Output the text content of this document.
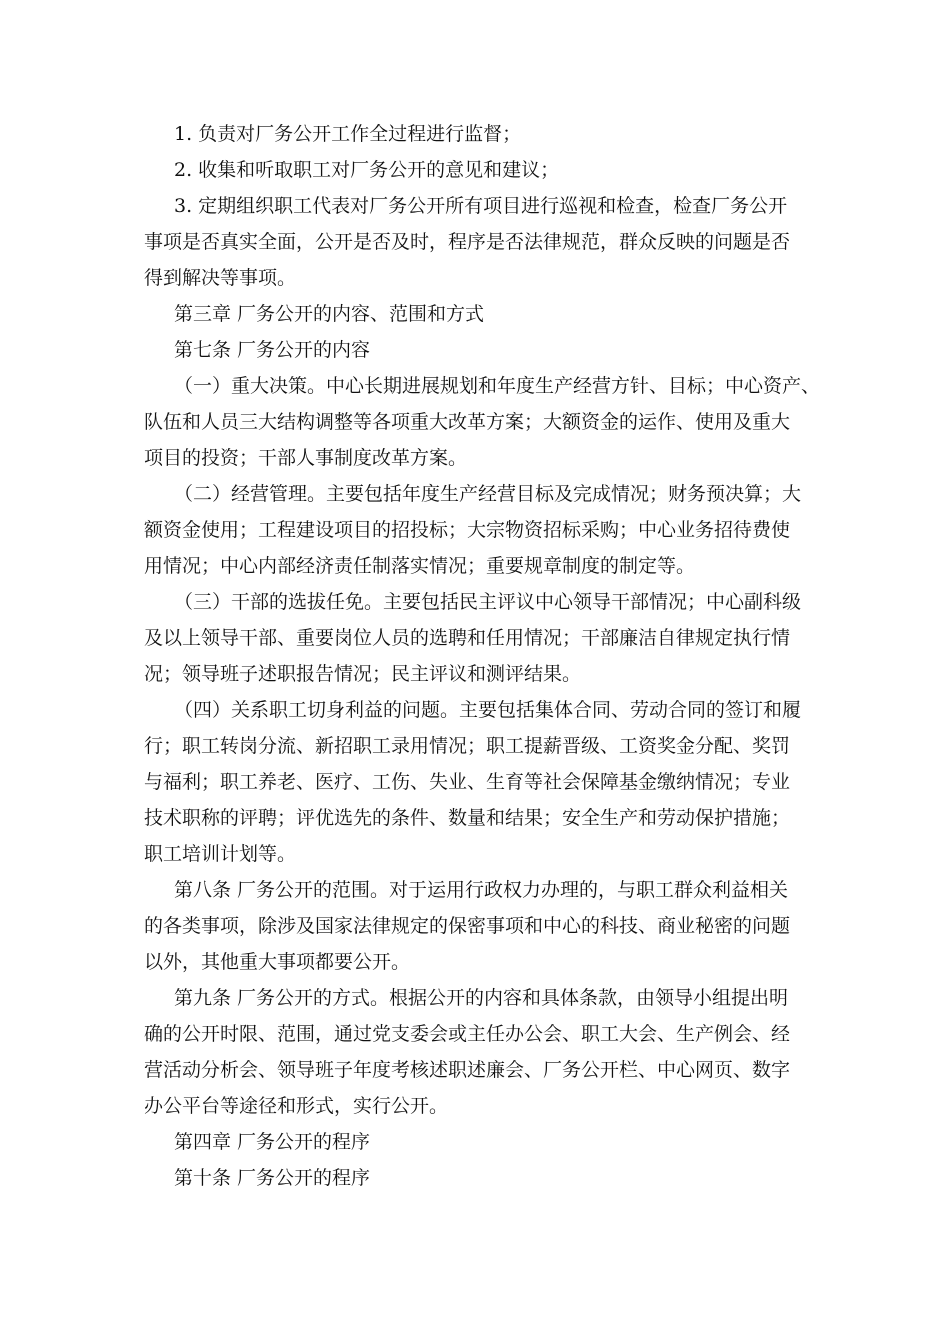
1. 负责对厂务公开工作全过程进行监督；
2. 收集和听取职工对厂务公开的意见和建议；
3. 定期组织职工代表对厂务公开所有项目进行巡视和检查，检查厂务公开
事项是否真实全面，公开是否及时，程序是否法律规范，群众反映的问题是否
得到解决等事项。
第三章 厂务公开的内容、范围和方式
第七条 厂务公开的内容
（一）重大决策。中心长期进展规划和年度生产经营方针、目标；中心资产、
队伍和人员三大结构调整等各项重大改革方案；大额资金的运作、使用及重大
项目的投资；干部人事制度改革方案。
（二）经营管理。主要包括年度生产经营目标及完成情况；财务预决算；大
额资金使用；工程建设项目的招投标；大宗物资招标采购；中心业务招待费使
用情况；中心内部经济责任制落实情况；重要规章制度的制定等。
（三）干部的选拔任免。主要包括民主评议中心领导干部情况；中心副科级
及以上领导干部、重要岗位人员的选聘和任用情况；干部廉洁自律规定执行情
况；领导班子述职报告情况；民主评议和测评结果。
（四）关系职工切身利益的问题。主要包括集体合同、劳动合同的签订和履
行；职工转岗分流、新招职工录用情况；职工提薪晋级、工资奖金分配、奖罚
与福利；职工养老、医疗、工伤、失业、生育等社会保障基金缴纳情况；专业
技术职称的评聘；评优选先的条件、数量和结果；安全生产和劳动保护措施；
职工培训计划等。
第八条 厂务公开的范围。对于运用行政权力办理的，与职工群众利益相关
的各类事项，除涉及国家法律规定的保密事项和中心的科技、商业秘密的问题
以外，其他重大事项都要公开。
第九条 厂务公开的方式。根据公开的内容和具体条款，由领导小组提出明
确的公开时限、范围，通过党支委会或主任办公会、职工大会、生产例会、经
营活动分析会、领导班子年度考核述职述廉会、厂务公开栏、中心网页、数字
办公平台等途径和形式，实行公开。
第四章 厂务公开的程序
第十条 厂务公开的程序
